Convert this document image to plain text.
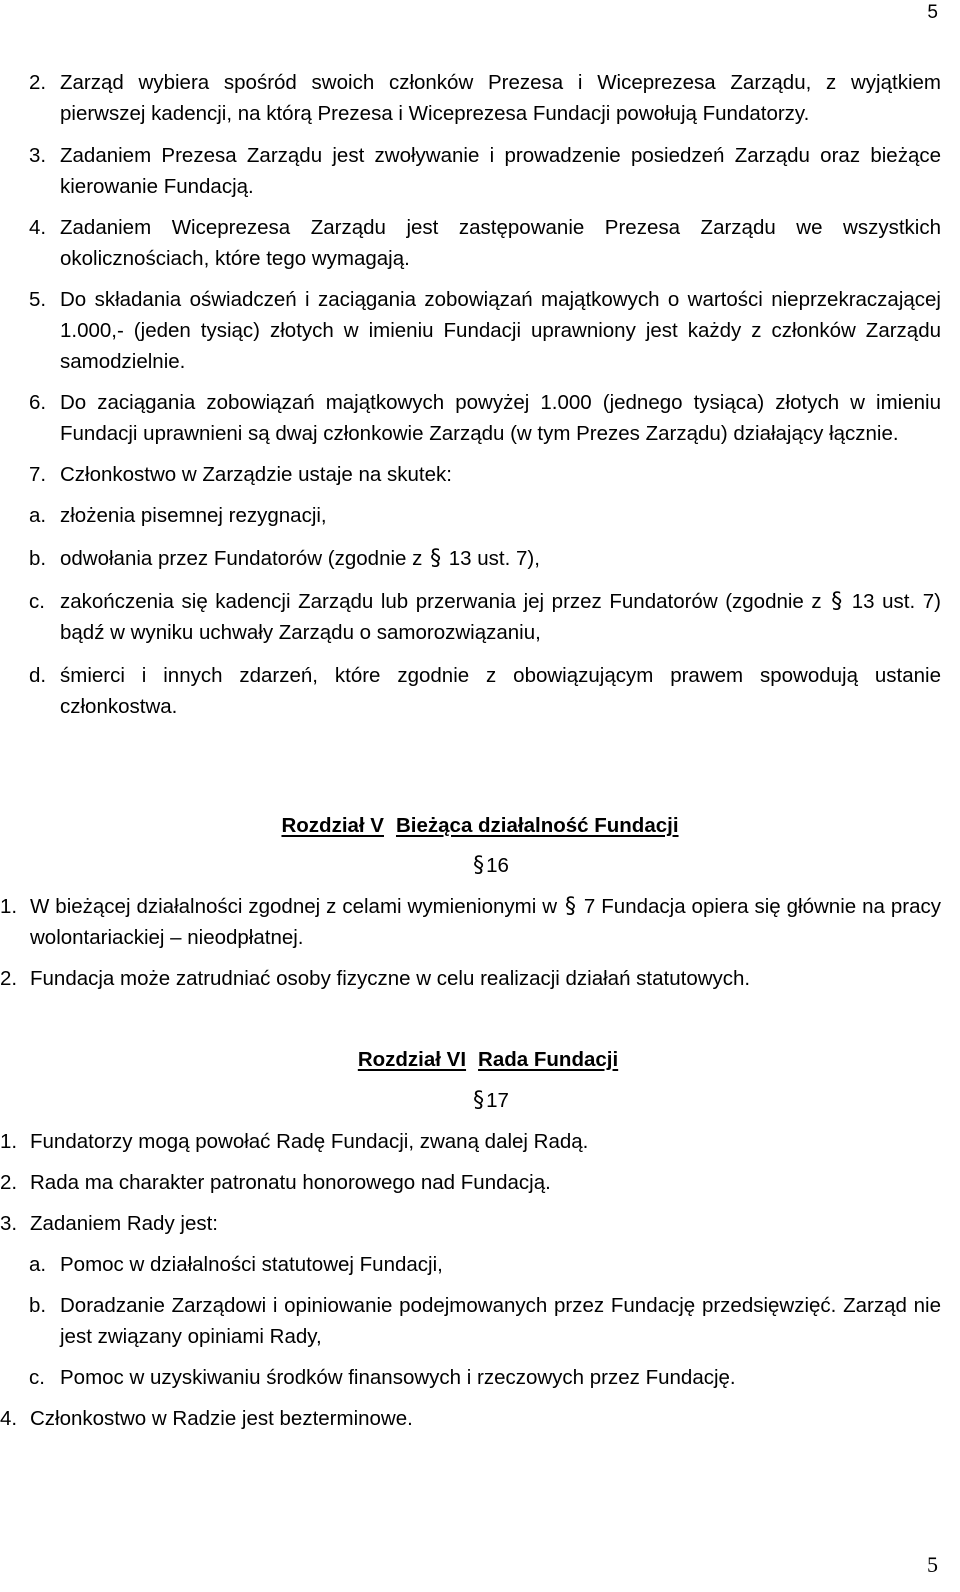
5
2. Zarząd wybiera spośród swoich członków Prezesa i Wiceprezesa Zarządu, z wyjątkiem pierwszej kadencji, na którą Prezesa i Wiceprezesa Fundacji powołują Fundatorzy.
3. Zadaniem Prezesa Zarządu jest zwoływanie i prowadzenie posiedzeń Zarządu oraz bieżące kierowanie Fundacją.
4. Zadaniem Wiceprezesa Zarządu jest zastępowanie Prezesa Zarządu we wszystkich okolicznościach, które tego wymagają.
5. Do składania oświadczeń i zaciągania zobowiązań majątkowych o wartości nieprzekraczającej 1.000,- (jeden tysiąc) złotych w imieniu Fundacji uprawniony jest każdy z członków Zarządu samodzielnie.
6. Do zaciągania zobowiązań majątkowych powyżej 1.000 (jednego tysiąca) złotych w imieniu Fundacji uprawnieni są dwaj członkowie Zarządu (w tym Prezes Zarządu) działający łącznie.
7. Członkostwo w Zarządzie ustaje na skutek:
a. złożenia pisemnej rezygnacji,
b. odwołania przez Fundatorów (zgodnie z § 13 ust. 7),
c. zakończenia się kadencji Zarządu lub przerwania jej przez Fundatorów (zgodnie z § 13 ust. 7) bądź w wyniku uchwały Zarządu o samorozwiązaniu,
d. śmierci i innych zdarzeń, które zgodnie z obowiązującym prawem spowodują ustanie członkostwa.
Rozdział V Bieżąca działalność Fundacji
§16
1. W bieżącej działalności zgodnej z celami wymienionymi w § 7 Fundacja opiera się głównie na pracy wolontariackiej – nieodpłatnej.
2. Fundacja może zatrudniać osoby fizyczne w celu realizacji działań statutowych.
Rozdział VI Rada Fundacji
§17
1. Fundatorzy mogą powołać Radę Fundacji, zwaną dalej Radą.
2. Rada ma charakter patronatu honorowego nad Fundacją.
3. Zadaniem Rady jest:
a. Pomoc w działalności statutowej Fundacji,
b. Doradzanie Zarządowi i opiniowanie podejmowanych przez Fundację przedsięwzięć. Zarząd nie jest związany opiniami Rady,
c. Pomoc w uzyskiwaniu środków finansowych i rzeczowych przez Fundację.
4. Członkostwo w Radzie jest bezterminowe.
5
